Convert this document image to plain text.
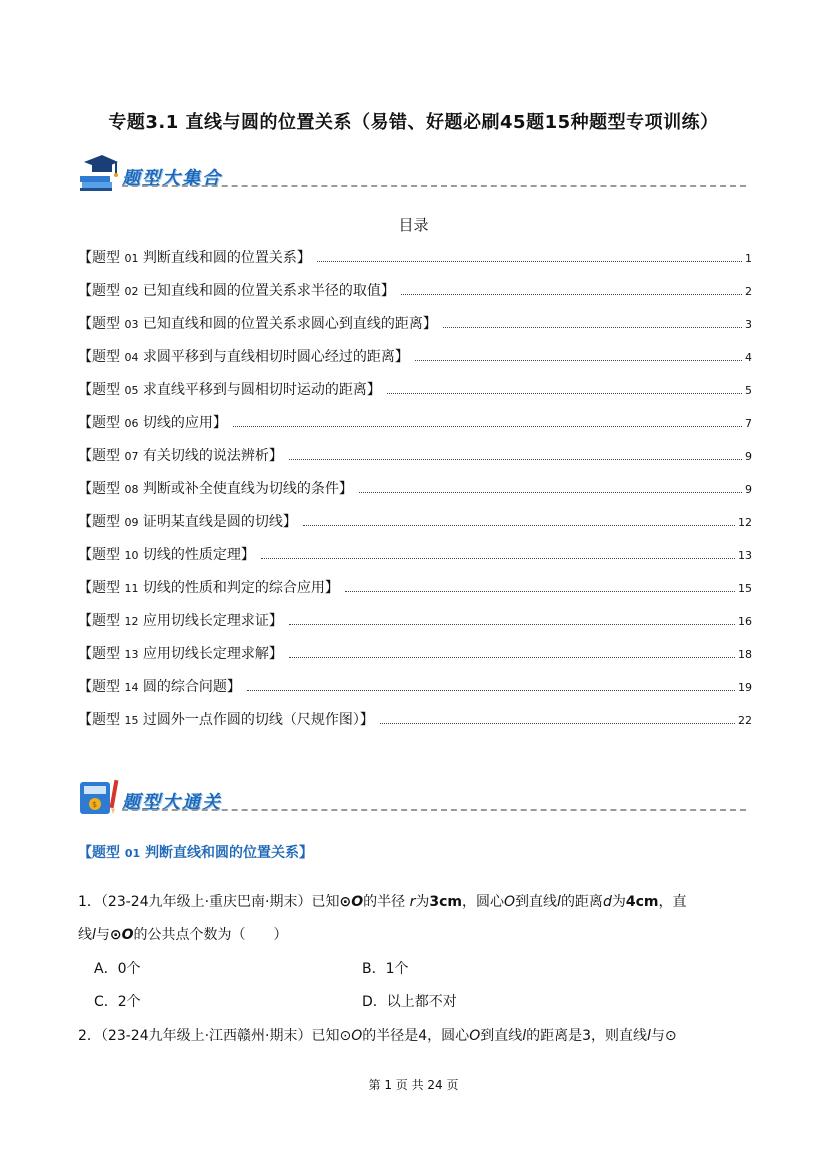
专题3.1 直线与圆的位置关系（易错、好题必刷45题15种题型专项训练）
题型大集合
目录
【题型 01 判断直线和圆的位置关系】	1
【题型 02 已知直线和圆的位置关系求半径的取值】	2
【题型 03 已知直线和圆的位置关系求圆心到直线的距离】	3
【题型 04 求圆平移到与直线相切时圆心经过的距离】	4
【题型 05 求直线平移到与圆相切时运动的距离】	5
【题型 06 切线的应用】	7
【题型 07 有关切线的说法辨析】	9
【题型 08 判断或补全使直线为切线的条件】	9
【题型 09 证明某直线是圆的切线】	12
【题型 10 切线的性质定理】	13
【题型 11 切线的性质和判定的综合应用】	15
【题型 12 应用切线长定理求证】	16
【题型 13 应用切线长定理求解】	18
【题型 14 圆的综合问题】	19
【题型 15 过圆外一点作圆的切线（尺规作图）】	22
$ 题型大通关
【题型 01 判断直线和圆的位置关系】
1．（23-24九年级上·重庆巴南·期末）已知⊙O的半径 r为3cm，圆心O到直线l的距离d为4cm，直
线l与⊙O的公共点个数为（　　）
A．0个	B．1个
C．2个	D．以上都不对
2．（23-24九年级上·江西赣州·期末）已知⊙O的半径是4，圆心O到直线l的距离是3，则直线l与⊙
第 1 页 共 24 页
